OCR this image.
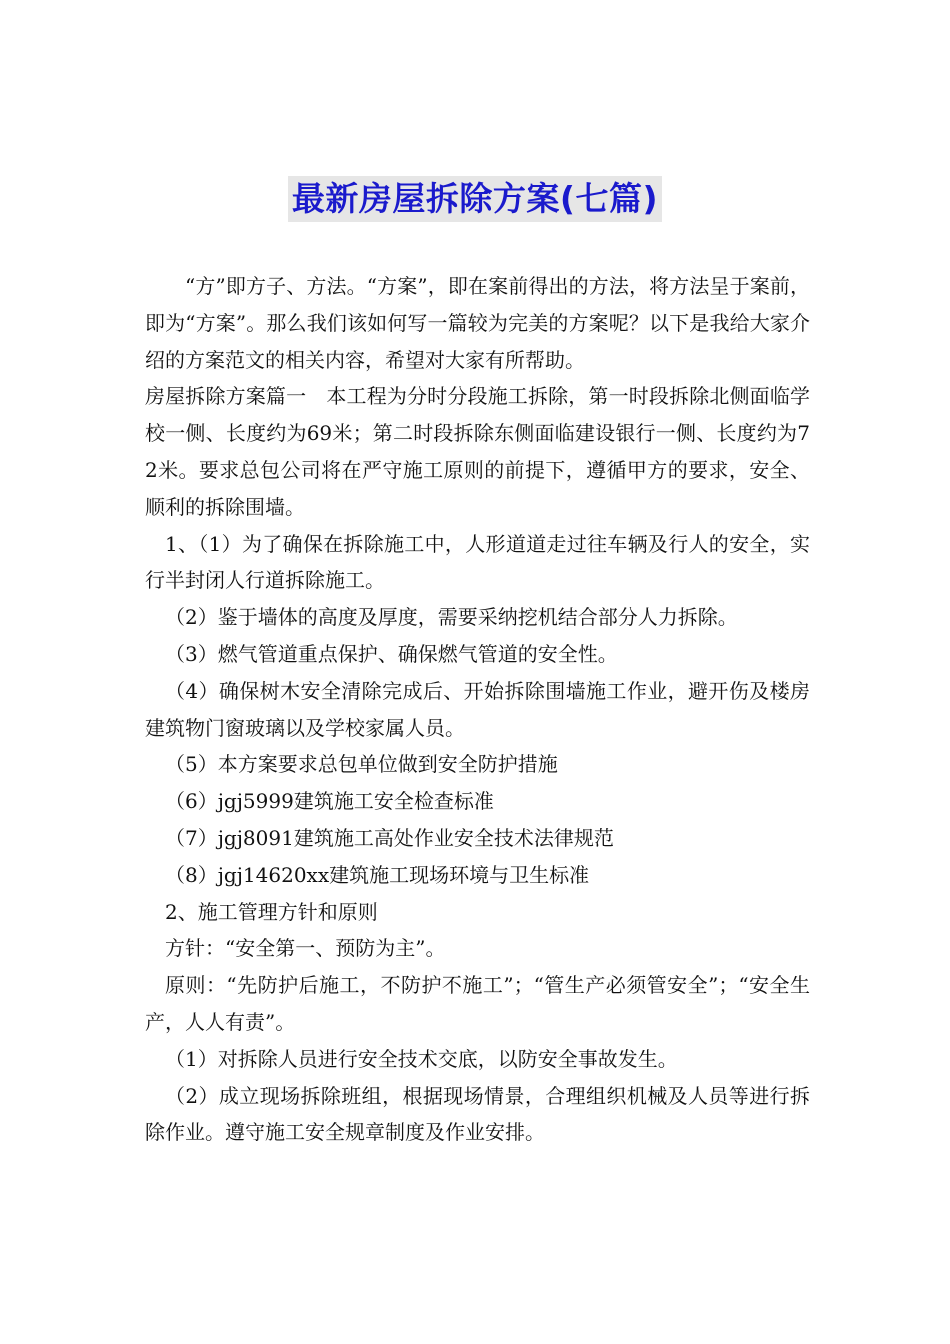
最新房屋拆除方案(七篇)

“方”即方子、方法。“方案”，即在案前得出的方法，将方法呈于案前，即为“方案”。那么我们该如何写一篇较为完美的方案呢？以下是我给大家介绍的方案范文的相关内容，希望对大家有所帮助。

房屋拆除方案篇一　本工程为分时分段施工拆除，第一时段拆除北侧面临学校一侧、长度约为69米；第二时段拆除东侧面临建设银行一侧、长度约为72米。要求总包公司将在严守施工原则的前提下，遵循甲方的要求，安全、顺利的拆除围墙。

1、（1）为了确保在拆除施工中，人形道道走过往车辆及行人的安全，实行半封闭人行道拆除施工。

（2）鉴于墙体的高度及厚度，需要采纳挖机结合部分人力拆除。

（3）燃气管道重点保护、确保燃气管道的安全性。

（4）确保树木安全清除完成后、开始拆除围墙施工作业，避开伤及楼房建筑物门窗玻璃以及学校家属人员。

（5）本方案要求总包单位做到安全防护措施

（6）jgj5999建筑施工安全检查标准

（7）jgj8091建筑施工高处作业安全技术法律规范

（8）jgj14620xx建筑施工现场环境与卫生标准

2、施工管理方针和原则

方针：“安全第一、预防为主”。

原则：“先防护后施工，不防护不施工”；“管生产必须管安全”；“安全生产，人人有责”。

（1）对拆除人员进行安全技术交底，以防安全事故发生。

（2）成立现场拆除班组，根据现场情景，合理组织机械及人员等进行拆除作业。遵守施工安全规章制度及作业安排。
